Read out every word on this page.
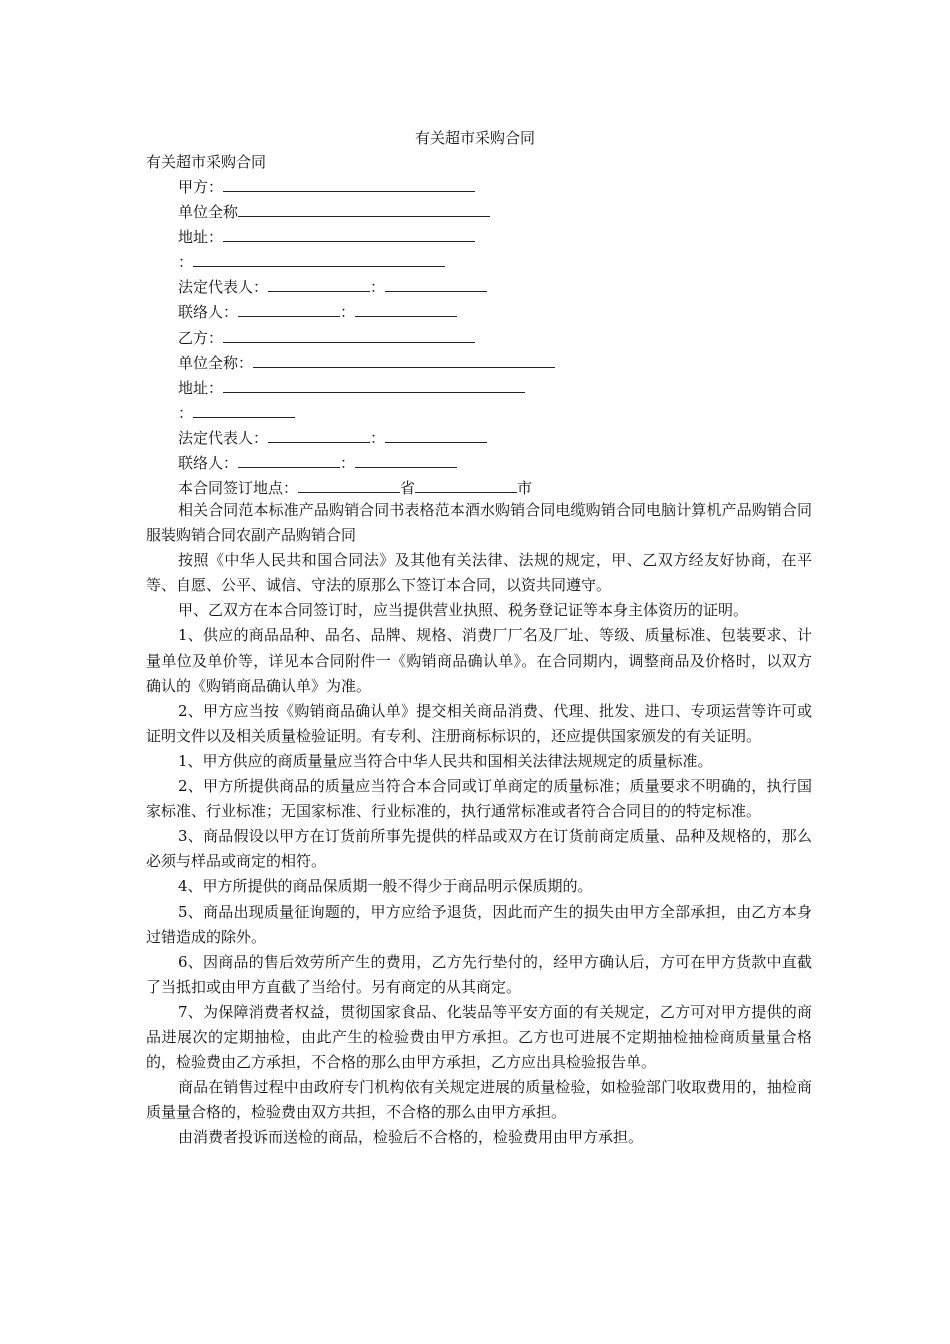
有关超市采购合同
有关超市采购合同
甲方：
单位全称
地址：
：
法定代表人：	：
联络人：	：
乙方：
单位全称：
地址：
：
法定代表人：	：
联络人：	：
本合同签订地点：	省	市

相关合同范本标准产品购销合同书表格范本酒水购销合同电缆购销合同电脑计算机产品购销合同服装购销合同农副产品购销合同

按照《中华人民共和国合同法》及其他有关法律、法规的规定，甲、乙双方经友好协商，在平等、自愿、公平、诚信、守法的原那么下签订本合同，以资共同遵守。

甲、乙双方在本合同签订时，应当提供营业执照、税务登记证等本身主体资历的证明。

1、供应的商品品种、品名、品牌、规格、消费厂厂名及厂址、等级、质量标准、包装要求、计量单位及单价等，详见本合同附件一《购销商品确认单》。在合同期内，调整商品及价格时，以双方确认的《购销商品确认单》为准。

2、甲方应当按《购销商品确认单》提交相关商品消费、代理、批发、进口、专项运营等许可或证明文件以及相关质量检验证明。有专利、注册商标标识的，还应提供国家颁发的有关证明。

1、甲方供应的商质量量应当符合中华人民共和国相关法律法规规定的质量标准。

2、甲方所提供商品的质量应当符合本合同或订单商定的质量标准；质量要求不明确的，执行国家标准、行业标准；无国家标准、行业标准的，执行通常标准或者符合合同目的的特定标准。

3、商品假设以甲方在订货前所事先提供的样品或双方在订货前商定质量、品种及规格的，那么必须与样品或商定的相符。

4、甲方所提供的商品保质期一般不得少于商品明示保质期的。

5、商品出现质量征询题的，甲方应给予退货，因此而产生的损失由甲方全部承担，由乙方本身过错造成的除外。

6、因商品的售后效劳所产生的费用，乙方先行垫付的，经甲方确认后，方可在甲方货款中直截了当抵扣或由甲方直截了当给付。另有商定的从其商定。

7、为保障消费者权益，贯彻国家食品、化装品等平安方面的有关规定，乙方可对甲方提供的商品进展次的定期抽检，由此产生的检验费由甲方承担。乙方也可进展不定期抽检抽检商质量量合格的，检验费由乙方承担，不合格的那么由甲方承担，乙方应出具检验报告单。

商品在销售过程中由政府专门机构依有关规定进展的质量检验，如检验部门收取费用的，抽检商质量量合格的，检验费由双方共担，不合格的那么由甲方承担。

由消费者投诉而送检的商品，检验后不合格的，检验费用由甲方承担。
